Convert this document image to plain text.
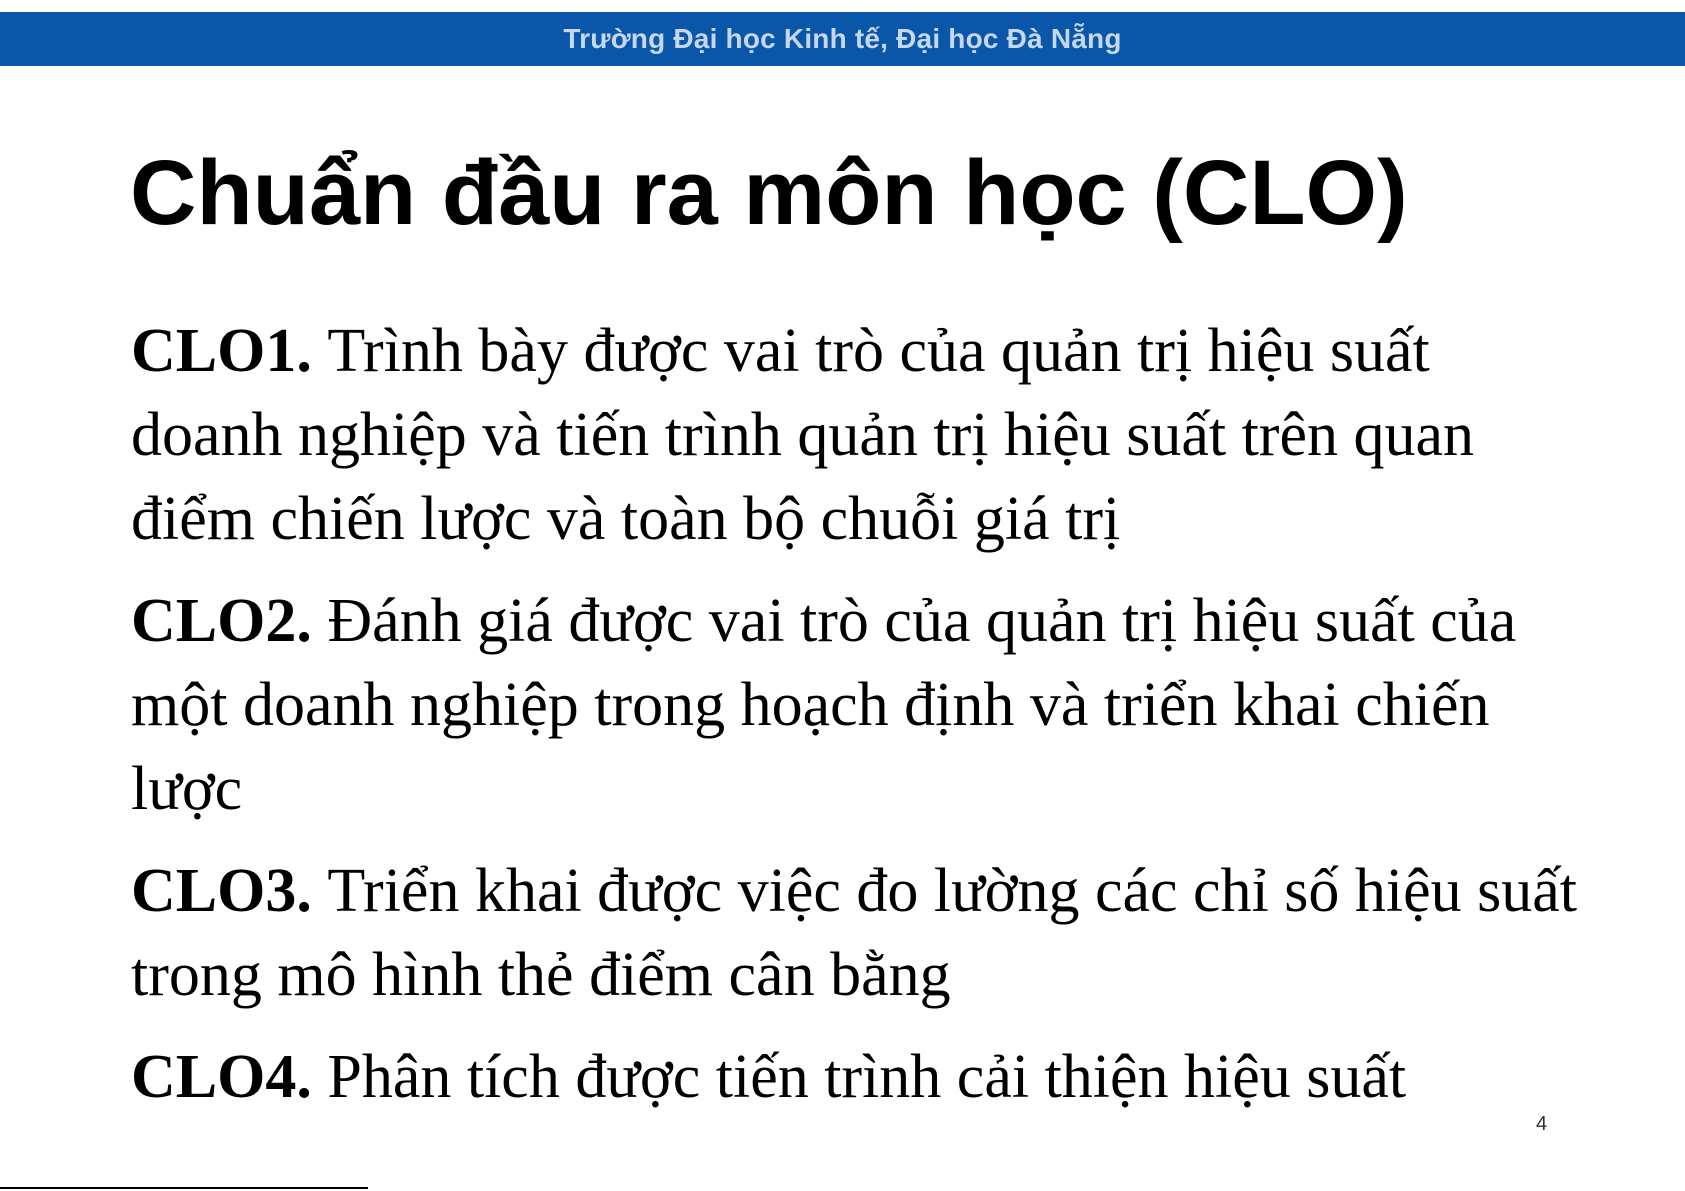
Trường Đại học Kinh tế, Đại học Đà Nẵng
Chuẩn đầu ra môn học (CLO)
CLO1. Trình bày được vai trò của quản trị hiệu suất doanh nghiệp và tiến trình quản trị hiệu suất trên quan điểm chiến lược và toàn bộ chuỗi giá trị
CLO2. Đánh giá được vai trò của quản trị hiệu suất của một doanh nghiệp trong hoạch định và triển khai chiến lược
CLO3. Triển khai được việc đo lường các chỉ số hiệu suất trong mô hình thẻ điểm cân bằng
CLO4. Phân tích được tiến trình cải thiện hiệu suất
4
